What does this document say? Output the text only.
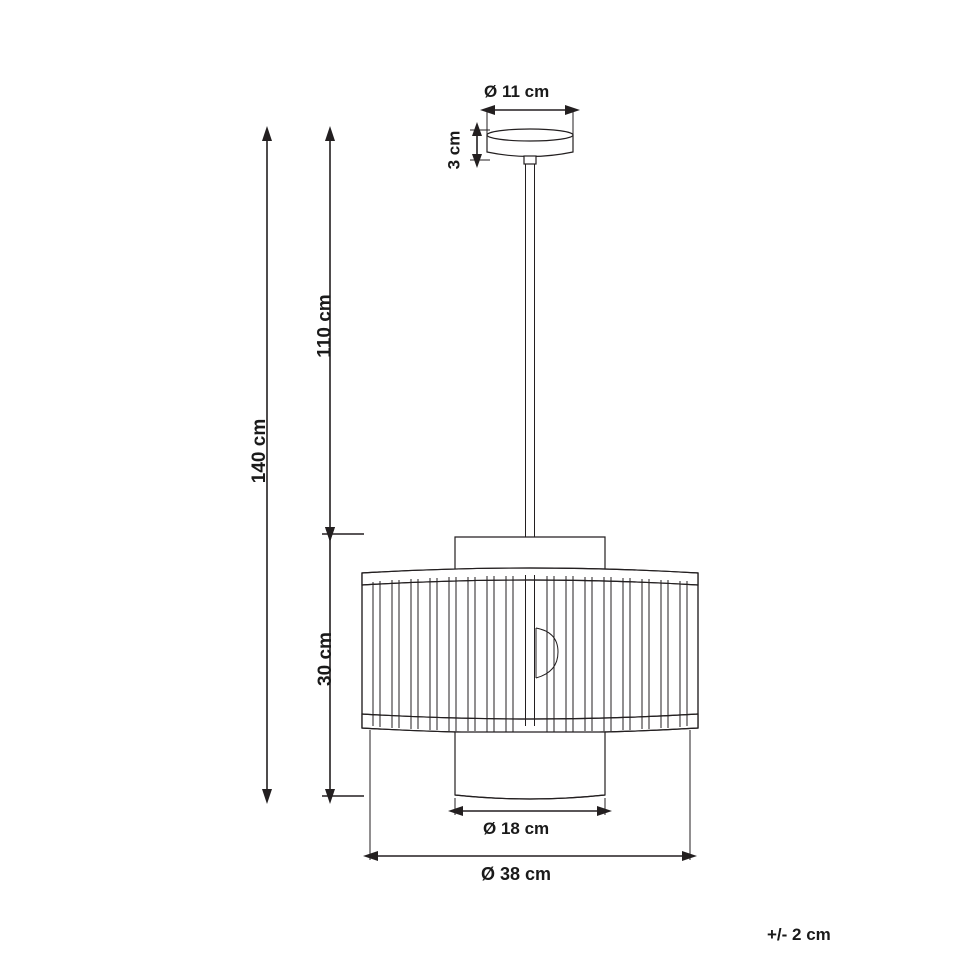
140 cm
110 cm
30 cm
Ø 11 cm
3 cm
Ø 18 cm
Ø 38 cm
+/- 2 cm
